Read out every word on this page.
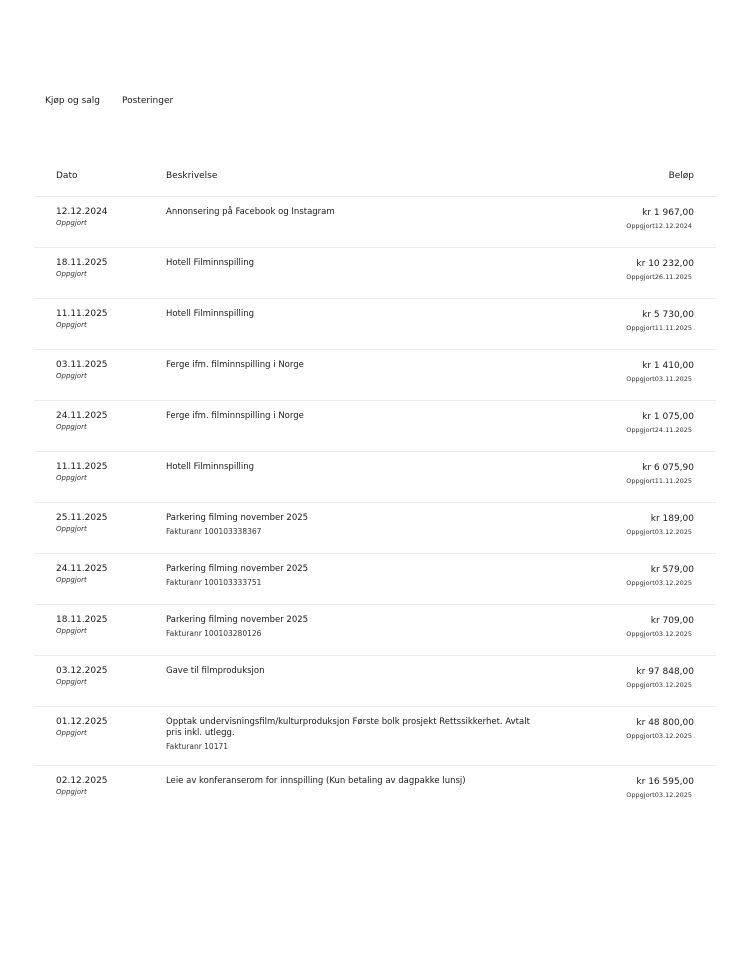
Kjøp og salg Posteringer
Dato	Beskrivelse	Beløp
12.12.2024
Oppgjort
Annonsering på Facebook og Instagram	kr 1 967,00
Oppgjort12.12.2024
18.11.2025
Oppgjort
Hotell Filminnspilling	kr 10 232,00
Oppgjort26.11.2025
11.11.2025
Oppgjort
Hotell Filminnspilling	kr 5 730,00
Oppgjort11.11.2025
03.11.2025
Oppgjort
Ferge ifm. filminnspilling i Norge	kr 1 410,00
Oppgjort03.11.2025
24.11.2025
Oppgjort
Ferge ifm. filminnspilling i Norge	kr 1 075,00
Oppgjort24.11.2025
11.11.2025
Oppgjort
Hotell Filminnspilling	kr 6 075,90
Oppgjort11.11.2025
25.11.2025
Oppgjort
Parkering filming november 2025
Fakturanr 100103338367
kr 189,00
Oppgjort03.12.2025
24.11.2025
Oppgjort
Parkering filming november 2025
Fakturanr 100103333751
kr 579,00
Oppgjort03.12.2025
18.11.2025
Oppgjort
Parkering filming november 2025
Fakturanr 100103280126
kr 709,00
Oppgjort03.12.2025
03.12.2025
Oppgjort
Gave til filmproduksjon	kr 97 848,00
Oppgjort03.12.2025
01.12.2025
Oppgjort
Opptak undervisningsfilm/kulturproduksjon Første bolk prosjekt Rettssikkerhet. Avtalt pris inkl. utlegg.
Fakturanr 10171
kr 48 800,00
Oppgjort03.12.2025
02.12.2025
Oppgjort
Leie av konferanserom for innspilling (Kun betaling av dagpakke lunsj)	kr 16 595,00
Oppgjort03.12.2025
